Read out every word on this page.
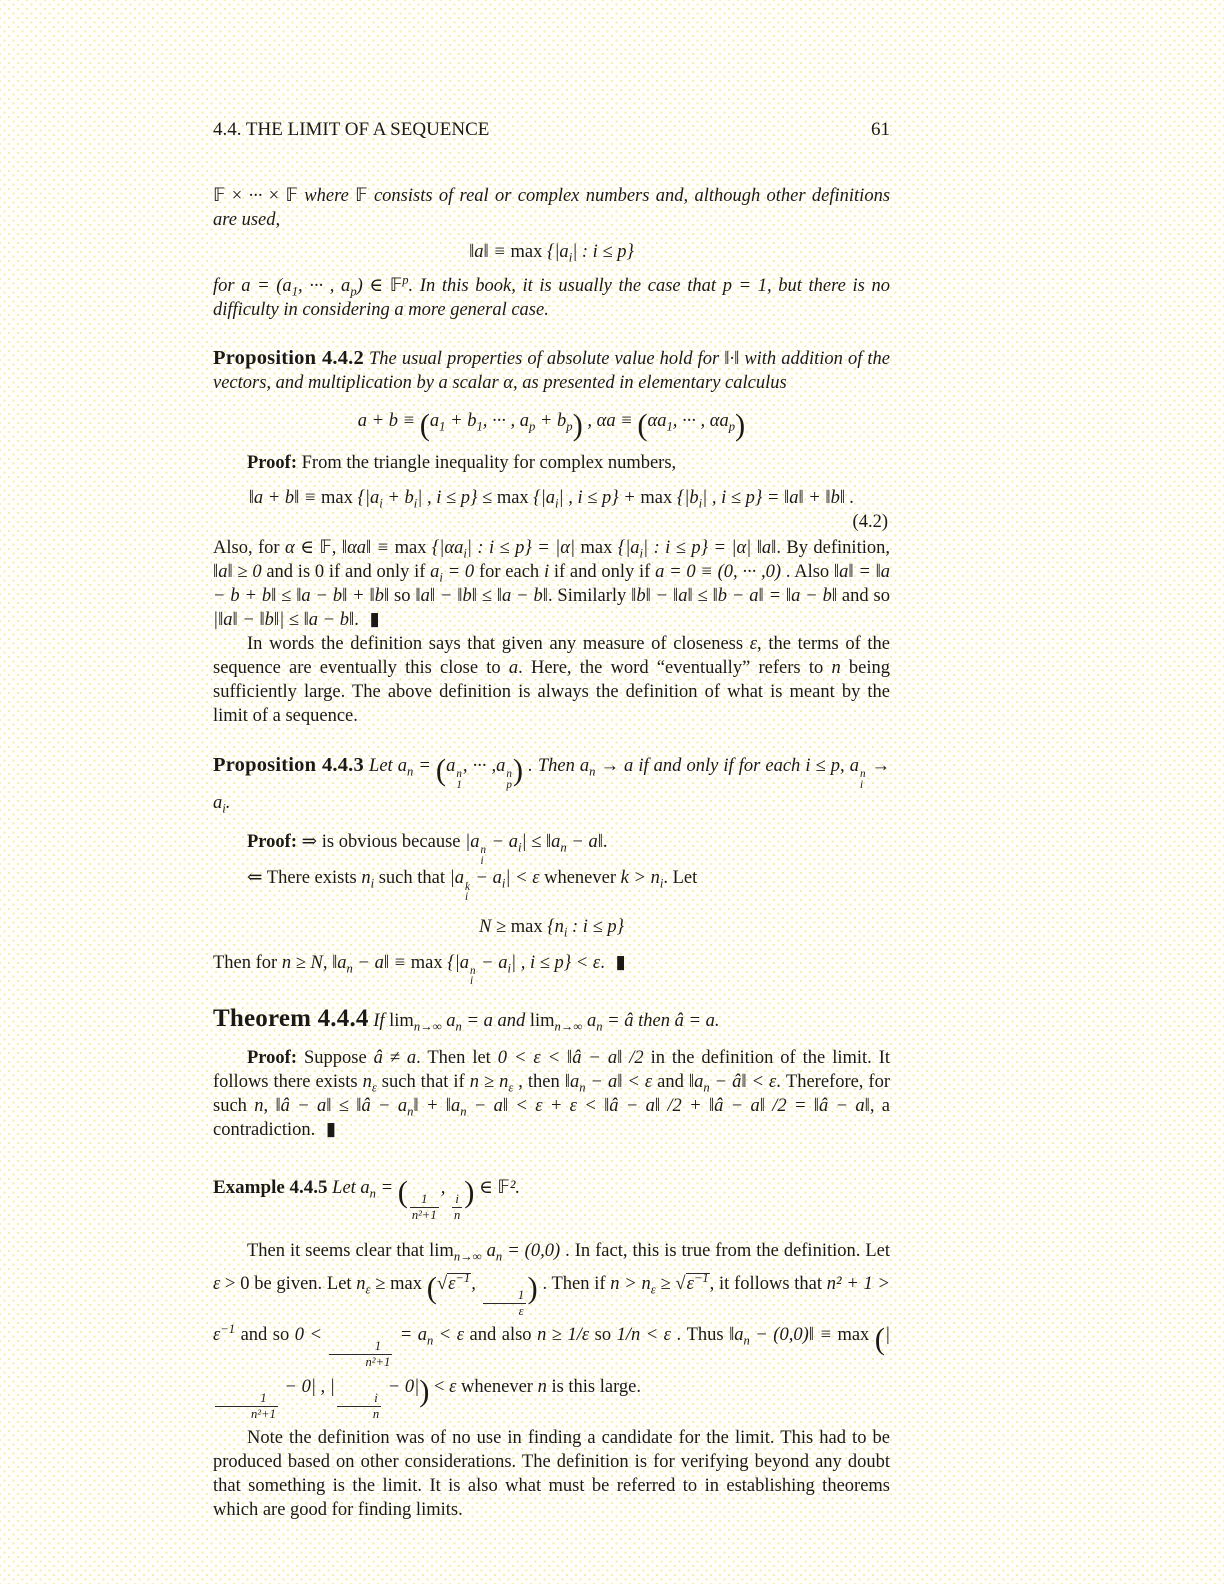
4.4. THE LIMIT OF A SEQUENCE	61

𝔽 × ··· × 𝔽 where 𝔽 consists of real or complex numbers and, although other definitions are used,

‖a‖ ≡ $\max \{|a_i|$ : i ≤ p}

for $a = (a_1$, ··· , $a_p$) ∈ 𝔽$^p$. In this book, it is usually the case that p = 1, but there is no difficulty in considering a more general case.

Proposition 4.4.2 The usual properties of absolute value hold for ‖·‖ with addition of the vectors, and multiplication by a scalar α, as presented in elementary calculus

$a + b \equiv (a_1 + b_1$, ··· , $a_p + b_p$) , $\alpha a \equiv (\alpha a_1$, ··· , $\alpha a_p$)

Proof: From the triangle inequality for complex numbers,

‖a + b‖ ≡ $\max \{|a_i + b_i|$ , $i \le p\} \le \max \{|a_i|$ , $i \le p\} + \max \{|b_i|$ , i ≤ p} = ‖a‖ + ‖b‖ .
(4.2)

Also, for α ∈ 𝔽, ‖αa‖ ≡ $\max \{|\alpha a_i|$ : i ≤ p} = |α| $\max \{|a_i|$ : i ≤ p} = |α| ‖a‖. By definition, ‖a‖ ≥ 0 and is 0 if and only if $a_i = 0$ for each i if and only if a = 0 ≡ (0, ··· ,0) . Also ‖a‖ = ‖a − b + b‖ ≤ ‖a − b‖ + ‖b‖ so ‖a‖ − ‖b‖ ≤ ‖a − b‖. Similarly ‖b‖ − ‖a‖ ≤ ‖b − a‖ = ‖a − b‖ and so |‖a‖ − ‖b‖| ≤ ‖a − b‖. ▮

In words the definition says that given any measure of closeness ε, the terms of the sequence are eventually this close to a. Here, the word “eventually” refers to n being sufficiently large. The above definition is always the definition of what is meant by the limit of a sequence.

Proposition 4.4.3 Let $a_n = (a$ n
1
, ··· ,a n
p ) . Then $a_n \to a$ if and only if for each i ≤ p, a n
i
→ $a_i$.

Proof: ⇒ is obvious because |a n
i
− $a_i|$ ≤ $‖a_n$ − a‖.
⇐ There exists $n_i$ such that |a k
i
− $a_i| < \varepsilon$ whenever $k > n_i$. Let
$N \ge \max \{n_i$ : i ≤ p}
Then for n ≥ N, $‖a_n$ − a‖ ≡ max {|a n
i
− $a_i|$ , i ≤ p} < ε. ▮

Theorem 4.4.4 If $\lim_{n\to\infty} a_n = a$ and $\lim_{n\to\infty} a_n$ = â then â = a.

Proof: Suppose â ≠ a. Then let 0 < ε < ‖â − a‖ /2 in the definition of the limit. It follows there exists $n_\varepsilon$ such that if $n \ge n_\varepsilon$ , then $‖a_n$ − a‖ < ε and $‖a_n$ − â‖ < ε. Therefore, for such n, ‖â − a‖ ≤ ‖â − $a_n‖$ + $‖a_n$ − a‖ < ε + ε < ‖â − a‖ /2 + ‖â − a‖ /2 = ‖â − a‖, a contradiction. ▮

Example 4.4.5 Let $a_n$ = ( $\frac{1}{\text{n²+1}}$
,
$\frac{i}{n}$ ) ∈ 𝔽².

Then it seems clear that $\lim_{n\to\infty} a_n = (0,0)$ . In fact, this is true from the definition. Let ε > 0 be given. Let $n_\varepsilon \ge \max (√\varepsilon^{-1}$,
$\frac{1}{\varepsilon}$ ) . Then if $n > n_\varepsilon \ge √\varepsilon^{-1}$, it follows that $n^2 + 1 > \varepsilon^{-1}$ and so 0 <
$\frac{1}{\text{n²+1}}$
= $a_n < \varepsilon$ and also n ≥ 1/ε so 1/n < ε . Thus $‖a_n$ − (0,0)‖ ≡ max (|
$\frac{1}{\text{n²+1}}$
− 0| , |
$\frac{i}{n}$
− 0|) < ε whenever n is this large.

Note the definition was of no use in finding a candidate for the limit. This had to be produced based on other considerations. The definition is for verifying beyond any doubt that something is the limit. It is also what must be referred to in establishing theorems which are good for finding limits.
